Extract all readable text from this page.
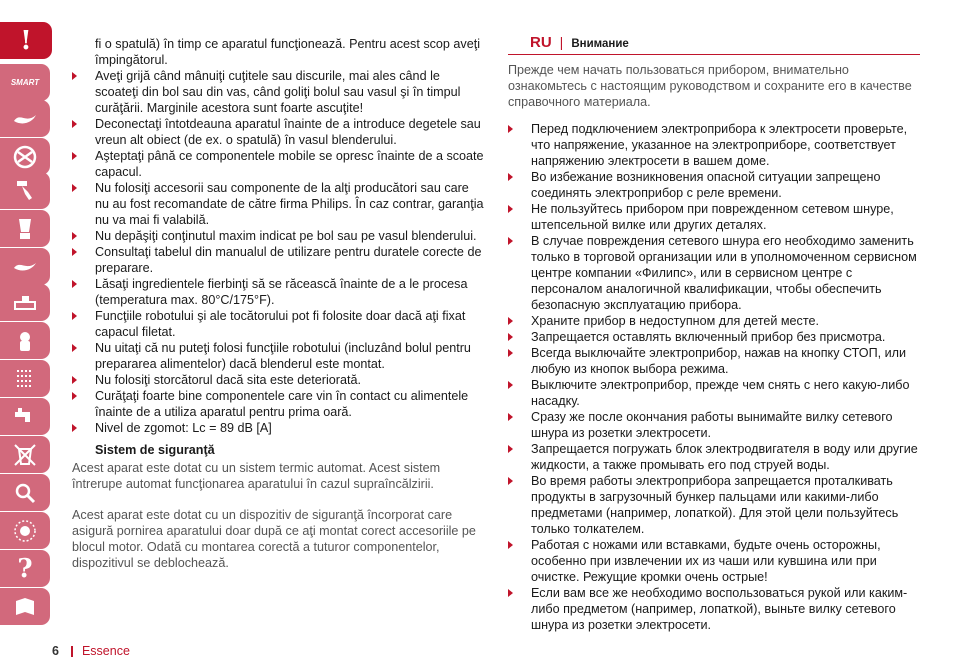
!
SMART
?
fi o spatulă) în timp ce aparatul funcţionează. Pentru acest scop aveţi împingătorul.
Aveţi grijă când mânuiţi cuţitele sau discurile, mai ales când le scoateţi din bol sau din vas, când goliţi bolul sau vasul şi în timpul curăţării. Marginile acestora sunt foarte ascuţite!
Deconectaţi întotdeauna aparatul înainte de a introduce degetele sau vreun alt obiect (de ex. o spatulă) în vasul blenderului.
Aşteptaţi până ce componentele mobile se opresc înainte de a scoate capacul.
Nu folosiţi accesorii sau componente de la alţi producători sau care nu au fost recomandate de către firma Philips. În caz contrar, garanţia nu va mai fi valabilă.
Nu depăşiţi conţinutul maxim indicat pe bol sau pe vasul blenderului.
Consultaţi tabelul din manualul de utilizare pentru duratele corecte de preparare.
Lăsaţi ingredientele fierbinţi să se răcească înainte de a le procesa (temperatura max. 80°C/175°F).
Funcţiile robotului şi ale tocătorului pot fi folosite doar dacă aţi fixat capacul filetat.
Nu uitaţi că nu puteţi folosi funcţiile robotului (incluzând bolul pentru prepararea alimentelor) dacă blenderul este montat.
Nu folosiţi storcătorul dacă sita este deteriorată.
Curăţaţi foarte bine componentele care vin în contact cu alimentele înainte de a utiliza aparatul pentru prima oară.
Nivel de zgomot: Lc = 89 dB [A]
Sistem de siguranţă
Acest aparat este dotat cu un sistem termic automat. Acest sistem întrerupe automat funcţionarea aparatului în cazul supraîncălzirii.
Acest aparat este dotat cu un dispozitiv de siguranţă încorporat care asigură pornirea aparatului doar după ce aţi montat corect accesoriile pe blocul motor. Odată cu montarea corectă a tuturor componentelor, dispozitivul se deblochează.
RU | Внимание
Прежде чем начать пользоваться прибором, внимательно ознакомьтесь с настоящим руководством и сохраните его в качестве справочного материала.
Перед подключением электроприбора к электросети проверьте, что напряжение, указанное на электроприборе, соответствует напряжению электросети в вашем доме.
Во избежание возникновения опасной ситуации запрещено соединять электроприбор с реле времени.
Не пользуйтесь прибором при поврежденном сетевом шнуре, штепсельной вилке или других деталях.
В случае повреждения сетевого шнура его необходимо заменить только в торговой организации или в уполномоченном сервисном центре компании «Филипс», или в сервисном центре с персоналом аналогичной квалификации, чтобы обеспечить безопасную эксплуатацию прибора.
Храните прибор в недоступном для детей месте.
Запрещается оставлять включенный прибор без присмотра.
Всегда выключайте электроприбор, нажав на кнопку СТОП, или любую из кнопок выбора режима.
Выключите электроприбор, прежде чем снять с него какую-либо насадку.
Сразу же после окончания работы вынимайте вилку сетевого шнура из розетки электросети.
Запрещается погружать блок электродвигателя в воду или другие жидкости, а также промывать его под струей воды.
Во время работы электроприбора запрещается проталкивать продукты в загрузочный бункер пальцами или какими-либо предметами (например, лопаткой). Для этой цели пользуйтесь только толкателем.
Работая с ножами или вставками, будьте очень осторожны, особенно при извлечении их из чаши или кувшина или при очистке. Режущие кромки очень острые!
Если вам все же необходимо воспользоваться рукой или каким-либо предметом (например, лопаткой), выньте вилку сетевого шнура из розетки электросети.
6 Essence
